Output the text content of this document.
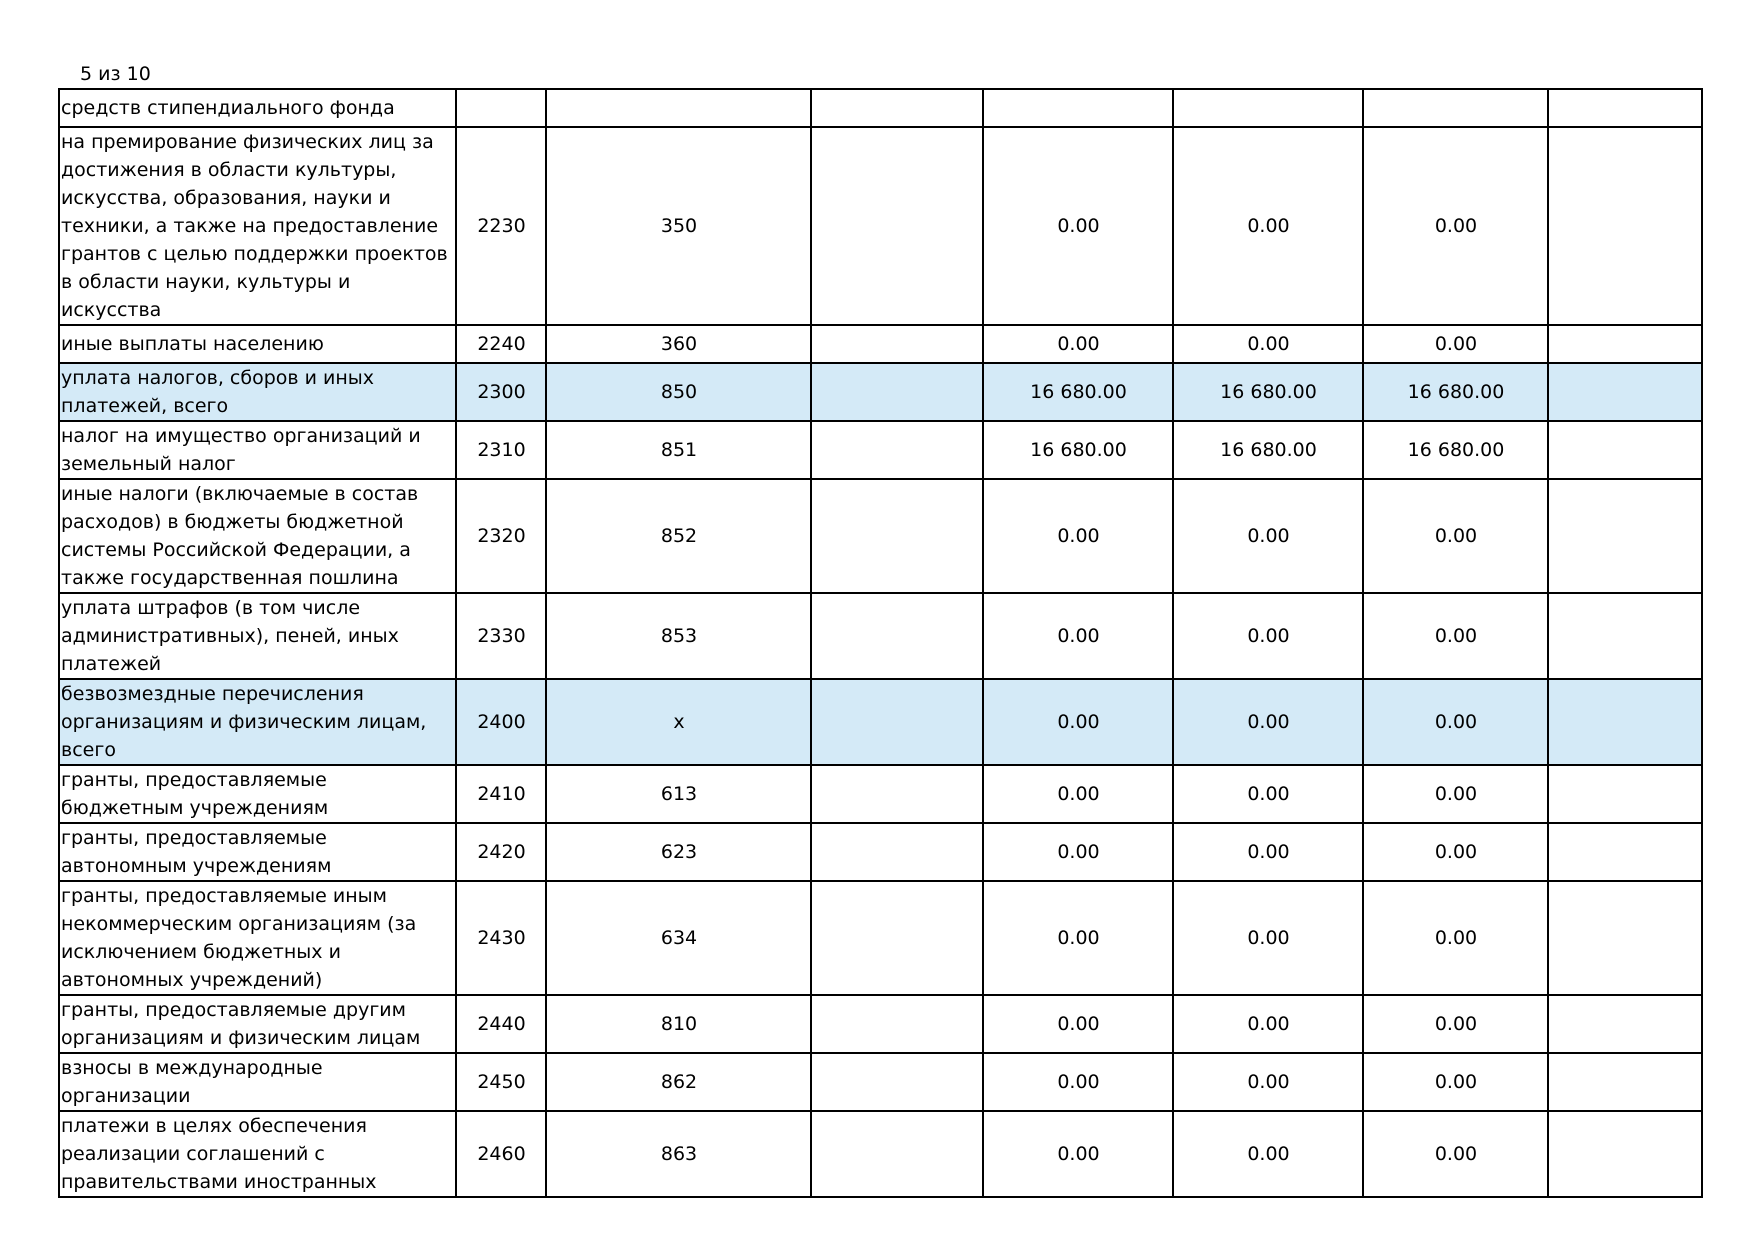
5 из 10
средств стипендиального фонда							
на премирование физических лиц за достижения в области культуры, искусства, образования, науки и техники, а также на предоставление грантов с целью поддержки проектов в области науки, культуры и искусства	2230	350		0.00	0.00	0.00	
иные выплаты населению	2240	360		0.00	0.00	0.00	
уплата налогов, сборов и иных платежей, всего	2300	850		16 680.00	16 680.00	16 680.00	
налог на имущество организаций и земельный налог	2310	851		16 680.00	16 680.00	16 680.00	
иные налоги (включаемые в состав расходов) в бюджеты бюджетной системы Российской Федерации, а также государственная пошлина	2320	852		0.00	0.00	0.00	
уплата штрафов (в том числе административных), пеней, иных платежей	2330	853		0.00	0.00	0.00	
безвозмездные перечисления организациям и физическим лицам, всего	2400	x		0.00	0.00	0.00	
гранты, предоставляемые бюджетным учреждениям	2410	613		0.00	0.00	0.00	
гранты, предоставляемые автономным учреждениям	2420	623		0.00	0.00	0.00	
гранты, предоставляемые иным некоммерческим организациям (за исключением бюджетных и автономных учреждений)	2430	634		0.00	0.00	0.00	
гранты, предоставляемые другим организациям и физическим лицам	2440	810		0.00	0.00	0.00	
взносы в международные организации	2450	862		0.00	0.00	0.00	
платежи в целях обеспечения реализации соглашений с правительствами иностранных	2460	863		0.00	0.00	0.00	
